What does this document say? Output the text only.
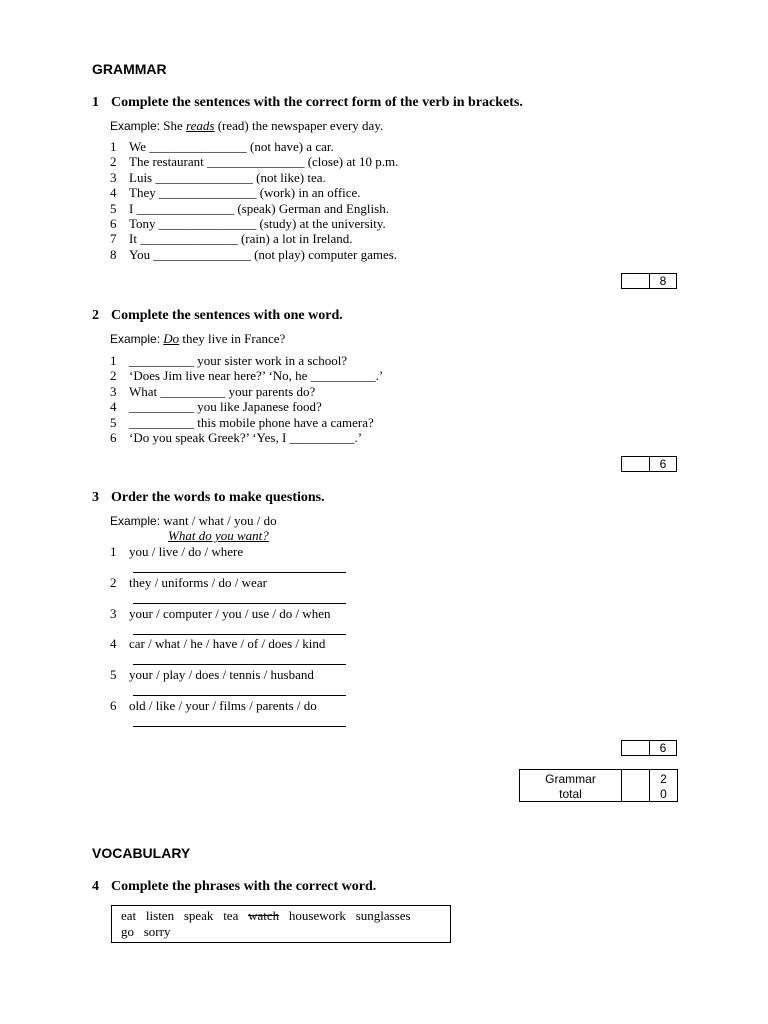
GRAMMAR
1 Complete the sentences with the correct form of the verb in brackets.
Example: She reads (read) the newspaper every day.
1 We _______________ (not have) a car.
2 The restaurant _______________ (close) at 10 p.m.
3 Luis _______________ (not like) tea.
4 They _______________ (work) in an office.
5 I _______________ (speak) German and English.
6 Tony _______________ (study) at the university.
7 It _______________ (rain) a lot in Ireland.
8 You _______________ (not play) computer games.
8
2 Complete the sentences with one word.
Example: Do they live in France?
1 __________ your sister work in a school?
2 ‘Does Jim live near here?’ ‘No, he __________.’
3 What __________ your parents do?
4 __________ you like Japanese food?
5 __________ this mobile phone have a camera?
6 ‘Do you speak Greek?’ ‘Yes, I __________.’
6
3 Order the words to make questions.
Example: want / what / you / do
What do you want?
1 you / live / do / where
2 they / uniforms / do / wear
3 your / computer / you / use / do / when
4 car / what / he / have / of / does / kind
5 your / play / does / tennis / husband
6 old / like / your / films / parents / do
6
Grammar
total
2
0
VOCABULARY
4 Complete the phrases with the correct word.
eat listen speak tea watch housework sunglasses
go sorry
